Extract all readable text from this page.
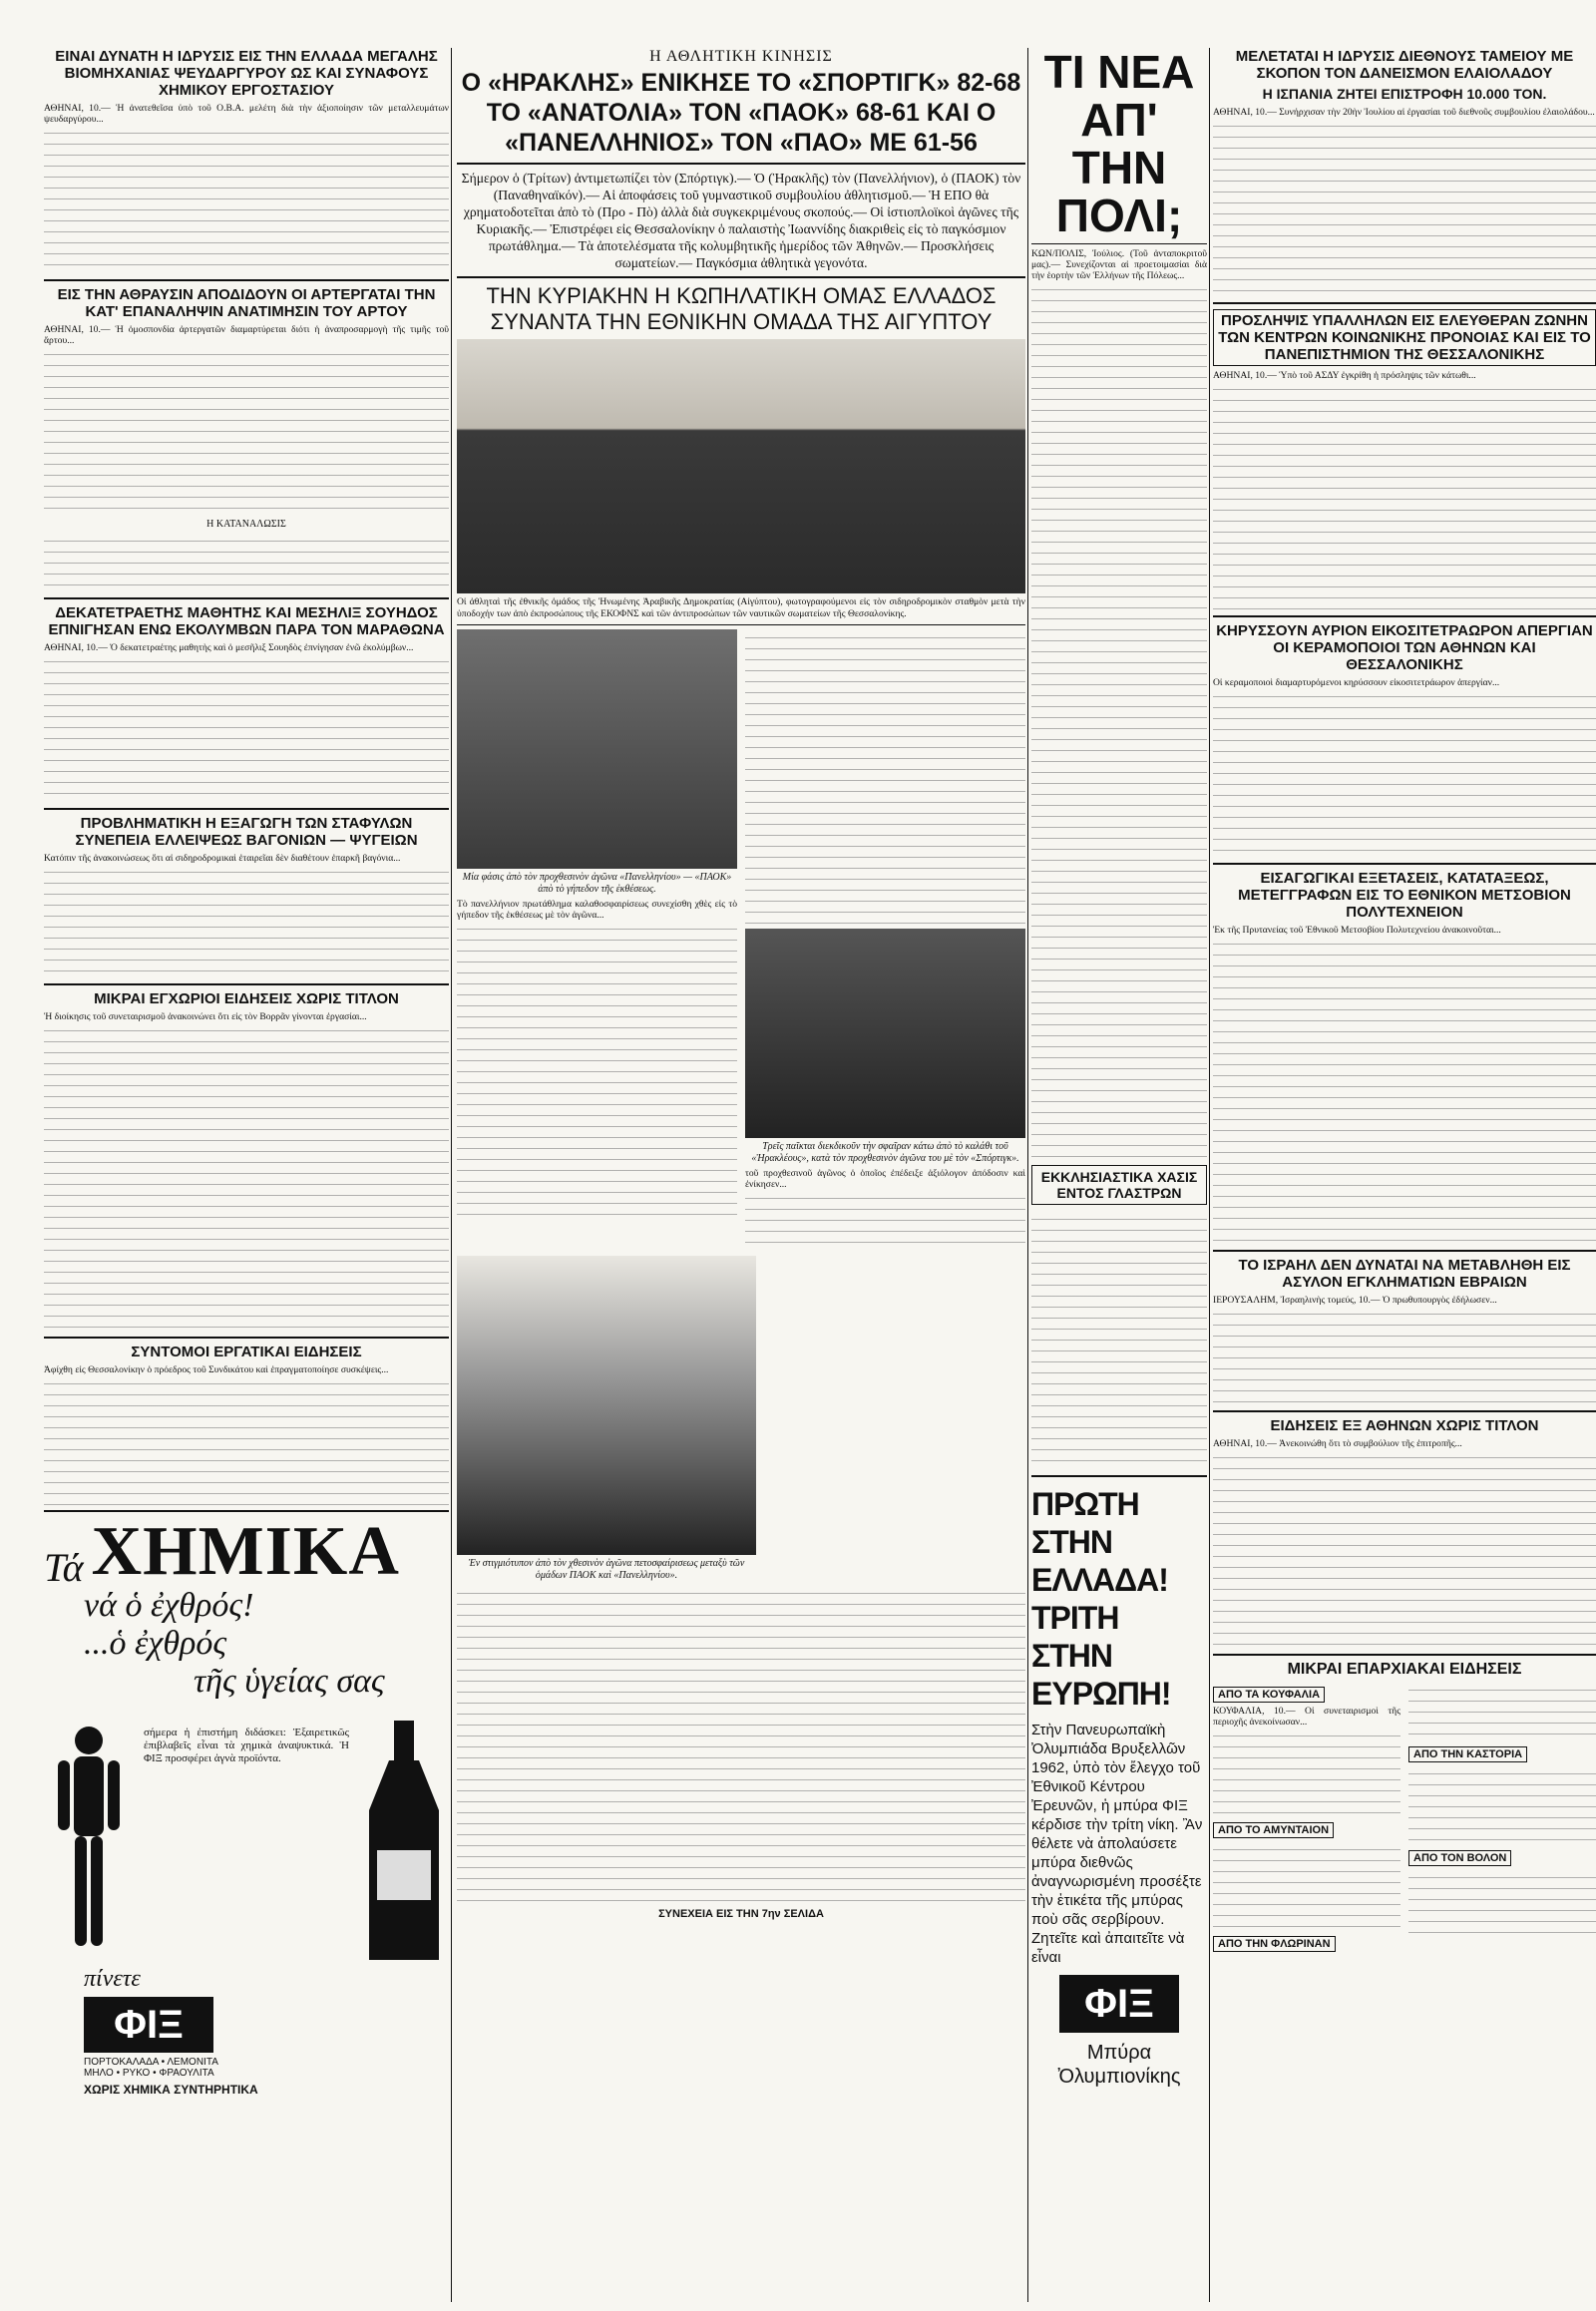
ΕΙΝΑΙ ΔΥΝΑΤΗ Η ΙΔΡΥΣΙΣ ΕΙΣ ΤΗΝ ΕΛΛΑΔΑ ΜΕΓΑΛΗΣ ΒΙΟΜΗΧΑΝΙΑΣ ΨΕΥΔΑΡΓΥΡΟΥ ΩΣ ΚΑΙ ΣΥΝΑΦΟΥΣ ΧΗΜΙΚΟΥ ΕΡΓΟΣΤΑΣΙΟΥ

ΑΘΗΝΑΙ, 10.— Ἡ ἀνατεθεῖσα ὑπὸ τοῦ Ο.Β.Α. μελέτη διὰ τὴν ἀξιοποίησιν τῶν μεταλλευμάτων ψευδαργύρου...

ΕΙΣ ΤΗΝ ΑΘΡΑΥΣΙΝ ΑΠΟΔΙΔΟΥΝ ΟΙ ΑΡΤΕΡΓΑΤΑΙ ΤΗΝ ΚΑΤ' ΕΠΑΝΑΛΗΨΙΝ ΑΝΑΤΙΜΗΣΙΝ ΤΟΥ ΑΡΤΟΥ

ΑΘΗΝΑΙ, 10.— Ἡ ὁμοσπονδία ἀρτεργατῶν διαμαρτύρεται διότι ἡ ἀναπροσαρμογὴ τῆς τιμῆς τοῦ ἄρτου...

Η ΚΑΤΑΝΑΛΩΣΙΣ
ΔΕΚΑΤΕΤΡΑΕΤΗΣ ΜΑΘΗΤΗΣ ΚΑΙ ΜΕΣΗΛΙΞ ΣΟΥΗΔΟΣ ΕΠΝΙΓΗΣΑΝ ΕΝΩ ΕΚΟΛΥΜΒΩΝ ΠΑΡΑ ΤΟΝ ΜΑΡΑΘΩΝΑ

ΑΘΗΝΑΙ, 10.— Ὁ δεκατετραέτης μαθητὴς καὶ ὁ μεσῆλιξ Σουηδὸς ἐπνίγησαν ἐνῶ ἐκολύμβων...

ΠΡΟΒΛΗΜΑΤΙΚΗ Η ΕΞΑΓΩΓΗ ΤΩΝ ΣΤΑΦΥΛΩΝ ΣΥΝΕΠΕΙΑ ΕΛΛΕΙΨΕΩΣ ΒΑΓΟΝΙΩΝ — ΨΥΓΕΙΩΝ

Κατόπιν τῆς ἀνακοινώσεως ὅτι αἱ σιδηροδρομικαὶ ἐταιρεῖαι δὲν διαθέτουν ἐπαρκῆ βαγόνια...

ΜΙΚΡΑΙ ΕΓΧΩΡΙΟΙ ΕΙΔΗΣΕΙΣ ΧΩΡΙΣ ΤΙΤΛΟΝ

Ἡ διοίκησις τοῦ συνεταιρισμοῦ ἀνακοινώνει ὅτι εἰς τὸν Βορρᾶν γίνονται ἐργασίαι...

ΣΥΝΤΟΜΟΙ ΕΡΓΑΤΙΚΑΙ ΕΙΔΗΣΕΙΣ

Ἀφίχθη εἰς Θεσσαλονίκην ὁ πρόεδρος τοῦ Συνδικάτου καὶ ἐπραγματοποίησε συσκέψεις...

Τά ΧΗΜΙΚΑ
νά ὁ ἐχθρός!
...ὁ ἐχθρός
τῆς ὑγείας σας

σήμερα ἡ ἐπιστήμη διδάσκει: Ἐξαιρετικῶς ἐπιβλαβεῖς εἶναι τὰ χημικὰ ἀναψυκτικά. Ἡ ΦΙΞ προσφέρει ἀγνὰ προϊόντα.

πίνετε
ΦΙΞ
ΠΟΡΤΟΚΑΛΑΔΑ • ΛΕΜΟΝΙΤΑ
ΜΗΛΟ • ΡΥΚΟ • ΦΡΑΟΥΛΙΤΑ
ΧΩΡΙΣ ΧΗΜΙΚΑ ΣΥΝΤΗΡΗΤΙΚΑ
Η ΑΘΛΗΤΙΚΗ ΚΙΝΗΣΙΣ
Ο «ΗΡΑΚΛΗΣ» ΕΝΙΚΗΣΕ ΤΟ «ΣΠΟΡΤΙΓΚ» 82-68 ΤΟ «ΑΝΑΤΟΛΙΑ» ΤΟΝ «ΠΑΟΚ» 68-61 ΚΑΙ Ο «ΠΑΝΕΛΛΗΝΙΟΣ» ΤΟΝ «ΠΑΟ» ΜΕ 61-56
Σήμερον ὁ (Τρίτων) ἀντιμετωπίζει τὸν (Σπόρτιγκ).— Ὁ (Ἡρακλῆς) τὸν (Πανελλήνιον), ὁ (ΠΑΟΚ) τὸν (Παναθηναϊκόν).— Αἱ ἀποφάσεις τοῦ γυμναστικοῦ συμβουλίου ἀθλητισμοῦ.— Ἡ ΕΠΟ θὰ χρηματοδοτεῖται ἀπὸ τὸ (Προ - Πὸ) ἀλλὰ διὰ συγκεκριμένους σκοπούς.— Οἱ ἰστιοπλοϊκοὶ ἀγῶνες τῆς Κυριακῆς.— Ἐπιστρέφει εἰς Θεσσαλονίκην ὁ παλαιστὴς Ἰωαννίδης διακριθεὶς εἰς τὸ παγκόσμιον πρωτάθλημα.— Τὰ ἀποτελέσματα τῆς κολυμβητικῆς ἡμερίδος τῶν Ἀθηνῶν.— Προσκλήσεις σωματείων.— Παγκόσμια ἀθλητικὰ γεγονότα.
ΤΗΝ ΚΥΡΙΑΚΗΝ Η ΚΩΠΗΛΑΤΙΚΗ ΟΜΑΣ ΕΛΛΑΔΟΣ ΣΥΝΑΝΤΑ ΤΗΝ ΕΘΝΙΚΗΝ ΟΜΑΔΑ ΤΗΣ ΑΙΓΥΠΤΟΥ
Οἱ ἀθληταὶ τῆς ἐθνικῆς ὁμάδος τῆς Ἡνωμένης Ἀραβικῆς Δημοκρατίας (Αἰγύπτου), φωτογραφούμενοι εἰς τὸν σιδηροδρομικὸν σταθμὸν μετὰ τὴν ὑποδοχήν των ἀπὸ ἐκπροσώπους τῆς ΕΚΟΦΝΣ καὶ τῶν ἀντιπροσώπων τῶν ναυτικῶν σωματείων τῆς Θεσσαλονίκης.
Μία φάσις ἀπὸ τὸν προχθεσινὸν ἀγῶνα «Πανελληνίου» — «ΠΑΟΚ» ἀπὸ τὸ γήπεδον τῆς ἐκθέσεως.

Τὸ πανελλήνιον πρωτάθλημα καλαθοσφαιρίσεως συνεχίσθη χθὲς εἰς τὸ γήπεδον τῆς ἐκθέσεως μὲ τὸν ἀγῶνα...

Τρεῖς παῖκται διεκδικοῦν τὴν σφαῖραν κάτω ἀπὸ τὸ καλάθι τοῦ «Ἡρακλέους», κατὰ τὸν προχθεσινὸν ἀγῶνα του μὲ τὸν «Σπόρτιγκ».

τοῦ προχθεσινοῦ ἀγῶνος ὁ ὁποῖος ἐπέδειξε ἀξιόλογον ἀπόδοσιν καὶ ἐνίκησεν...

Ἐν στιγμιότυπον ἀπὸ τὸν χθεσινὸν ἀγῶνα πετοσφαίρισεως μεταξὺ τῶν ὁμάδων ΠΑΟΚ καὶ «Πανελληνίου».
ΣΥΝΕΧΕΙΑ ΕΙΣ ΤΗΝ 7ην ΣΕΛΙΔΑ
ΤΙ ΝΕΑ ΑΠ' ΤΗΝ ΠΟΛΙ;

ΚΩΝ/ΠΟΛΙΣ, Ἰούλιος. (Τοῦ ἀνταποκριτοῦ μας).— Συνεχίζονται αἱ προετοιμασίαι διὰ τὴν ἑορτὴν τῶν Ἑλλήνων τῆς Πόλεως...

ΕΚΚΛΗΣΙΑΣΤΙΚΑ ΧΑΣΙΣ ΕΝΤΟΣ ΓΛΑΣΤΡΩΝ
ΠΡΩΤΗ ΣΤΗΝ ΕΛΛΑΔΑ! ΤΡΙΤΗ ΣΤΗΝ ΕΥΡΩΠΗ!

Στὴν Πανευρωπαϊκὴ Ὀλυμπιάδα Βρυξελλῶν 1962, ὑπὸ τὸν ἔλεγχο τοῦ Ἐθνικοῦ Κέντρου Ἐρευνῶν, ἡ μπύρα ΦΙΞ κέρδισε τὴν τρίτη νίκη. Ἂν θέλετε νὰ ἀπολαύσετε μπύρα διεθνῶς ἀναγνωρισμένη προσέξτε τὴν ἐτικέτα τῆς μπύρας ποὺ σᾶς σερβίρουν. Ζητεῖτε καὶ ἀπαιτεῖτε νὰ εἶναι

ΦΙΞ
Μπύρα Ὀλυμπιονίκης
ΜΕΛΕΤΑΤΑΙ Η ΙΔΡΥΣΙΣ ΔΙΕΘΝΟΥΣ ΤΑΜΕΙΟΥ ΜΕ ΣΚΟΠΟΝ ΤΟΝ ΔΑΝΕΙΣΜΟΝ ΕΛΑΙΟΛΑΔΟΥ
Η ΙΣΠΑΝΙΑ ΖΗΤΕΙ ΕΠΙΣΤΡΟΦΗ 10.000 ΤΟΝ.

ΑΘΗΝΑΙ, 10.— Συνήρχισαν τὴν 20ὴν Ἰουλίου αἱ ἐργασίαι τοῦ διεθνοῦς συμβουλίου ἐλαιολάδου...

ΠΡΟΣΛΗΨΙΣ ΥΠΑΛΛΗΛΩΝ ΕΙΣ ΕΛΕΥΘΕΡΑΝ ΖΩΝΗΝ ΤΩΝ ΚΕΝΤΡΩΝ ΚΟΙΝΩΝΙΚΗΣ ΠΡΟΝΟΙΑΣ ΚΑΙ ΕΙΣ ΤΟ ΠΑΝΕΠΙΣΤΗΜΙΟΝ ΤΗΣ ΘΕΣΣΑΛΟΝΙΚΗΣ

ΑΘΗΝΑΙ, 10.— Ὑπὸ τοῦ ΑΣΔΥ ἐγκρίθη ἡ πρόσληψις τῶν κάτωθι...

ΚΗΡΥΣΣΟΥΝ ΑΥΡΙΟΝ ΕΙΚΟΣΙΤΕΤΡΑΩΡΟΝ ΑΠΕΡΓΙΑΝ ΟΙ ΚΕΡΑΜΟΠΟΙΟΙ ΤΩΝ ΑΘΗΝΩΝ ΚΑΙ ΘΕΣΣΑΛΟΝΙΚΗΣ

Οἱ κεραμοποιοὶ διαμαρτυρόμενοι κηρύσσουν εἰκοσιτετράωρον ἀπεργίαν...

ΕΙΣΑΓΩΓΙΚΑΙ ΕΞΕΤΑΣΕΙΣ, ΚΑΤΑΤΑΞΕΩΣ, ΜΕΤΕΓΓΡΑΦΩΝ ΕΙΣ ΤΟ ΕΘΝΙΚΟΝ ΜΕΤΣΟΒΙΟΝ ΠΟΛΥΤΕΧΝΕΙΟΝ

Ἐκ τῆς Πρυτανείας τοῦ Ἐθνικοῦ Μετσοβίου Πολυτεχνείου ἀνακοινοῦται...

ΤΟ ΙΣΡΑΗΛ ΔΕΝ ΔΥΝΑΤΑΙ ΝΑ ΜΕΤΑΒΛΗΘΗ ΕΙΣ ΑΣΥΛΟΝ ΕΓΚΛΗΜΑΤΙΩΝ ΕΒΡΑΙΩΝ

ΙΕΡΟΥΣΑΛΗΜ, Ἰσραηλινὴς τομεύς, 10.— Ὁ πρωθυπουργὸς ἐδήλωσεν...

ΕΙΔΗΣΕΙΣ ΕΞ ΑΘΗΝΩΝ ΧΩΡΙΣ ΤΙΤΛΟΝ

ΑΘΗΝΑΙ, 10.— Ἀνεκοινώθη ὅτι τὸ συμβούλιον τῆς ἐπιτροπῆς...

ΜΙΚΡΑΙ ΕΠΑΡΧΙΑΚΑΙ ΕΙΔΗΣΕΙΣ
ΑΠΟ ΤΑ ΚΟΥΦΑΛΙΑ

ΚΟΥΦΑΛΙΑ, 10.— Οἱ συνεταιρισμοὶ τῆς περιοχῆς ἀνεκοίνωσαν...

ΑΠΟ ΤΟ ΑΜΥΝΤΑΙΟΝ
ΑΠΟ ΤΗΝ ΦΛΩΡΙΝΑΝ
ΑΠΟ ΤΗΝ ΚΑΣΤΟΡΙΑ
ΑΠΟ ΤΟΝ ΒΟΛΟΝ
